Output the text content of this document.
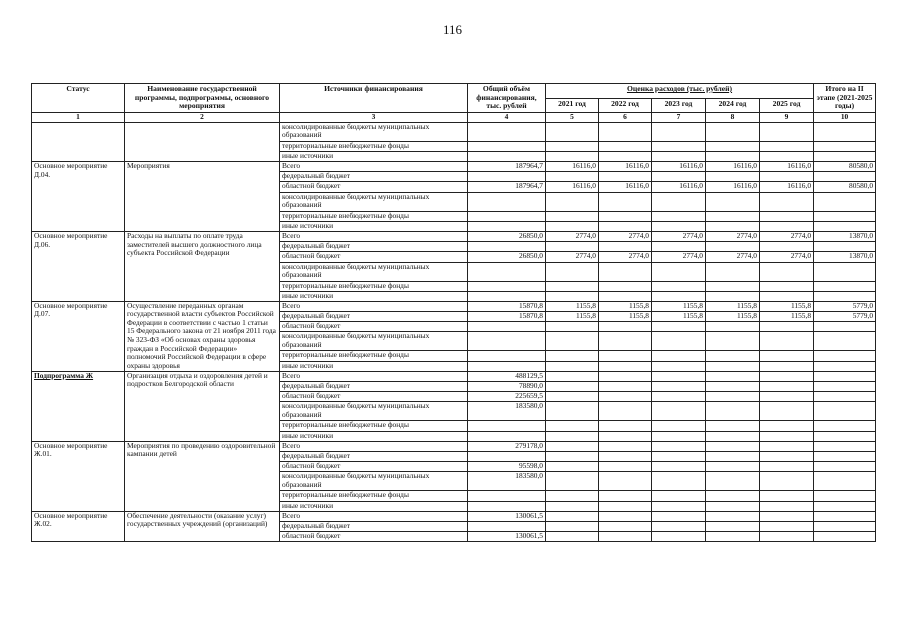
116
Статус	Наименование государственной программы, подпрограммы, основного мероприятия	Источники финансирования	Общий объём финансирования, тыс. рублей	Оценка расходов (тыс. рублей)					Итого на II этапе (2021-2025 годы)
				2021 год	2022 год	2023 год	2024 год	2025 год	
1	2	3	4	5	6	7	8	9	10
		консолидированные бюджеты муниципальных образований							
		территориальные внебюджетные фонды							
		иные источники							
Основное мероприятие Д.04.	Мероприятия	Всего	187964,7	16116,0	16116,0	16116,0	16116,0	16116,0	80580,0
		федеральный бюджет							
		областной бюджет	187964,7	16116,0	16116,0	16116,0	16116,0	16116,0	80580,0
		консолидированные бюджеты муниципальных образований							
		территориальные внебюджетные фонды							
		иные источники							
Основное мероприятие Д.06.	Расходы на выплаты по оплате труда заместителей высшего должностного лица субъекта Российской Федерации	Всего	26850,0	2774,0	2774,0	2774,0	2774,0	2774,0	13870,0
		федеральный бюджет							
		областной бюджет	26850,0	2774,0	2774,0	2774,0	2774,0	2774,0	13870,0
		консолидированные бюджеты муниципальных образований							
		территориальные внебюджетные фонды							
		иные источники							
Основное мероприятие Д.07.	Осуществление переданных органам государственной власти субъектов Российской Федерации в соответствии с частью 1 статьи 15 Федерального закона от 21 ноября 2011 года № 323-ФЗ «Об основах охраны здоровья граждан в Российской Федерации» полномочий Российской Федерации в сфере охраны здоровья	Всего	15870,8	1155,8	1155,8	1155,8	1155,8	1155,8	5779,0
		федеральный бюджет	15870,8	1155,8	1155,8	1155,8	1155,8	1155,8	5779,0
		областной бюджет							
		консолидированные бюджеты муниципальных образований							
		территориальные внебюджетные фонды							
		иные источники							
Подпрограмма Ж	Организация отдыха и оздоровления детей и подростков Белгородской области	Всего	488129,5						
		федеральный бюджет	78890,0						
		областной бюджет	225659,5						
		консолидированные бюджеты муниципальных образований	183580,0						
		территориальные внебюджетные фонды							
		иные источники							
Основное мероприятие Ж.01.	Мероприятия по проведению оздоровительной кампании детей	Всего	279178,0						
		федеральный бюджет							
		областной бюджет	95598,0						
		консолидированные бюджеты муниципальных образований	183580,0						
		территориальные внебюджетные фонды							
		иные источники							
Основное мероприятие Ж.02.	Обеспечение деятельности (оказание услуг) государственных учреждений (организаций)	Всего	130061,5						
		федеральный бюджет							
		областной бюджет	130061,5						
